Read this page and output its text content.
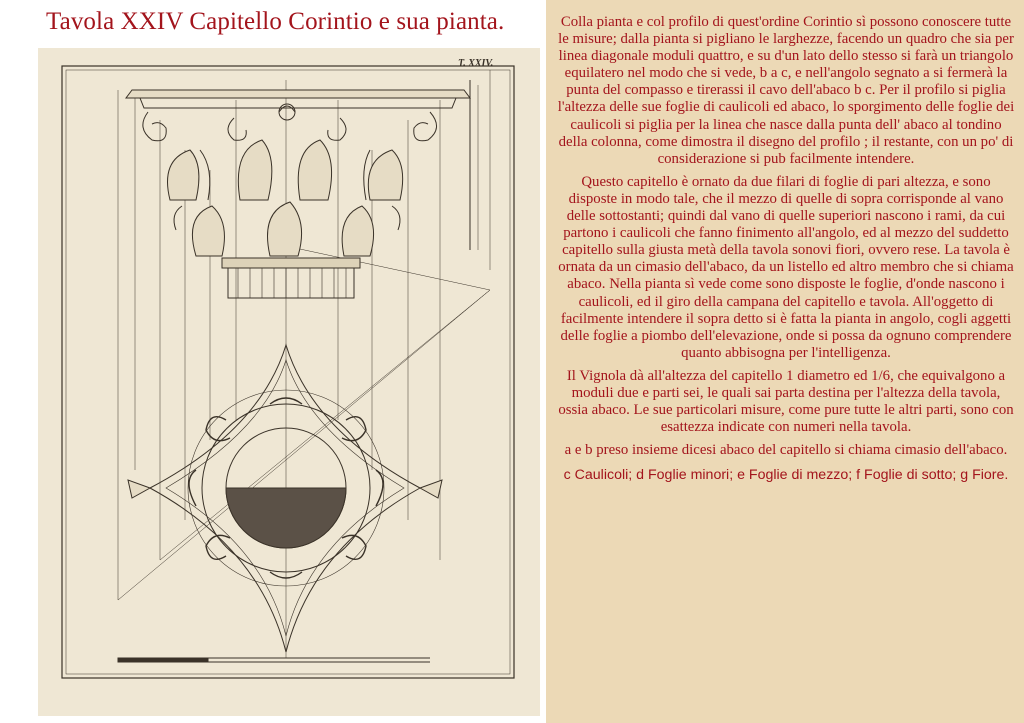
Tavola XXIV Capitello Corintio e sua pianta.
T. XXIV.

Colla pianta e col profilo di quest'ordine Corintio sì possono conoscere tutte le misure; dalla pianta si pigliano le larghezze, facendo un quadro che sia per linea diagonale moduli quattro, e su d'un lato dello stesso si farà un triangolo equilatero nel modo che si vede, b a c, e nell'angolo segnato a si fermerà la punta del compasso e tirerassi il cavo dell'abaco b c. Per il profilo si piglia l'altezza delle sue foglie di caulicoli ed abaco, lo sporgimento delle foglie dei caulicoli si piglia per la linea che nasce dalla punta dell' abaco al tondino della colonna, come dimostra il disegno del profilo ; il restante, con un po' di considerazione si pub facilmente intendere.

Questo capitello è ornato da due filari di foglie di pari altezza, e sono disposte in modo tale, che il mezzo di quelle di sopra corrisponde al vano delle sottostanti; quindi dal vano di quelle superiori nascono i rami, da cui partono i caulicoli che fanno finimento all'angolo, ed al mezzo del suddetto capitello sulla giusta metà della tavola sonovi fiori, ovvero rese. La tavola è ornata da un cimasio dell'abaco, da un listello ed altro membro che si chiama abaco. Nella pianta sì vede come sono disposte le foglie, d'onde nascono i caulicoli, ed il giro della campana del capitello e tavola. All'oggetto di facilmente intendere il sopra detto si è fatta la pianta in angolo, cogli aggetti delle foglie a piombo dell'elevazione, onde si possa da ognuno comprendere quanto abbisogna per l'intelligenza.

Il Vignola dà all'altezza del capitello 1 diametro ed 1/6, che equivalgono a moduli due e parti sei, le quali sai parta destina per l'altezza della tavola, ossia abaco. Le sue particolari misure, come pure tutte le altri parti, sono con esattezza indicate con numeri nella tavola.

a e b preso insieme dicesi abaco del capitello si chiama cimasio dell'abaco.

c Caulicoli; d Foglie minori; e Foglie di mezzo; f Foglie di sotto; g Fiore.
